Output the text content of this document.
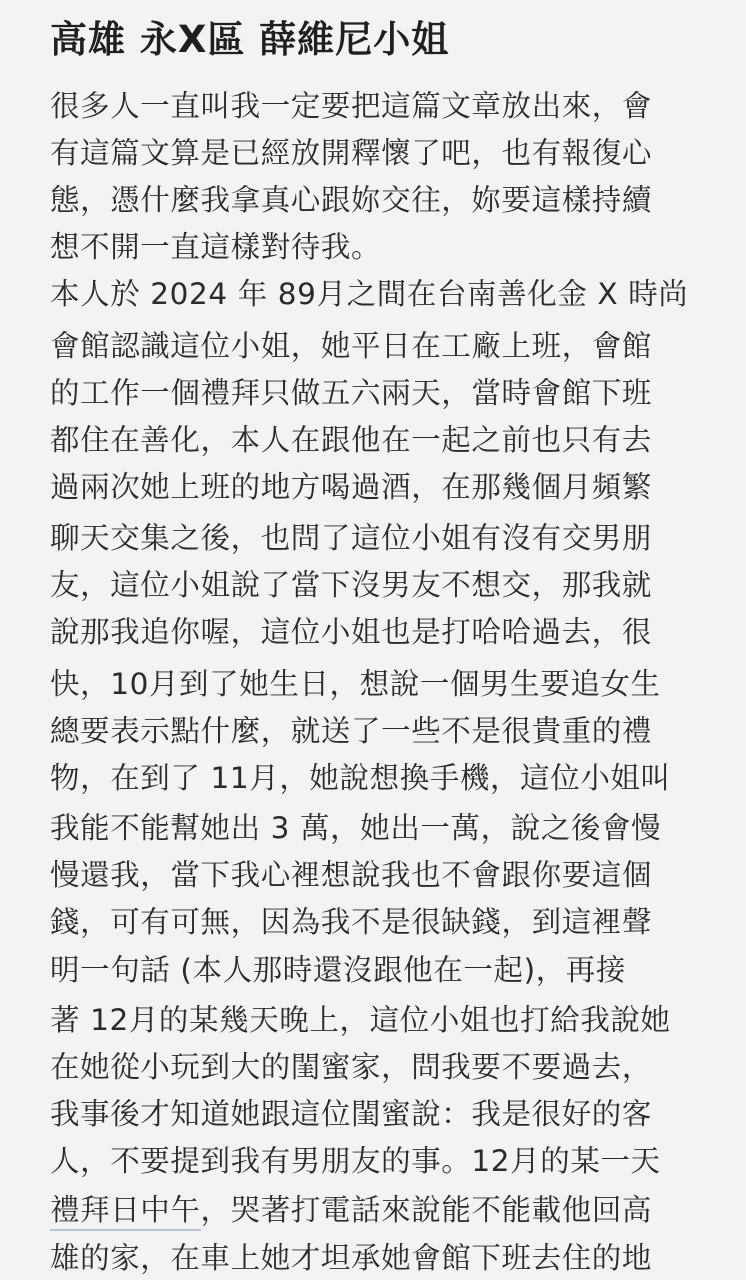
高雄 永X區 薛維尼小姐
很多人一直叫我一定要把這篇文章放出來，會
有這篇文算是已經放開釋懷了吧，也有報復心
態，憑什麼我拿真心跟妳交往，妳要這樣持續
想不開一直這樣對待我。
本人於 2024 年 89月之間在台南善化金 X 時尚
會館認識這位小姐，她平日在工廠上班，會館
的工作一個禮拜只做五六兩天，當時會館下班
都住在善化，本人在跟他在一起之前也只有去
過兩次她上班的地方喝過酒，在那幾個月頻繁
聊天交集之後，也問了這位小姐有沒有交男朋
友，這位小姐說了當下沒男友不想交，那我就
說那我追你喔，這位小姐也是打哈哈過去，很
快，10月到了她生日，想說一個男生要追女生
總要表示點什麼，就送了一些不是很貴重的禮
物，在到了 11月，她說想換手機，這位小姐叫
我能不能幫她出 3 萬，她出一萬，說之後會慢
慢還我，當下我心裡想說我也不會跟你要這個
錢，可有可無，因為我不是很缺錢，到這裡聲
明一句話 (本人那時還沒跟他在一起)，再接
著 12月的某幾天晚上，這位小姐也打給我說她
在她從小玩到大的閨蜜家，問我要不要過去，
我事後才知道她跟這位閨蜜說：我是很好的客
人，不要提到我有男朋友的事。12月的某一天
禮拜日中午，哭著打電話來說能不能載他回高
雄的家，在車上她才坦承她會館下班去住的地
